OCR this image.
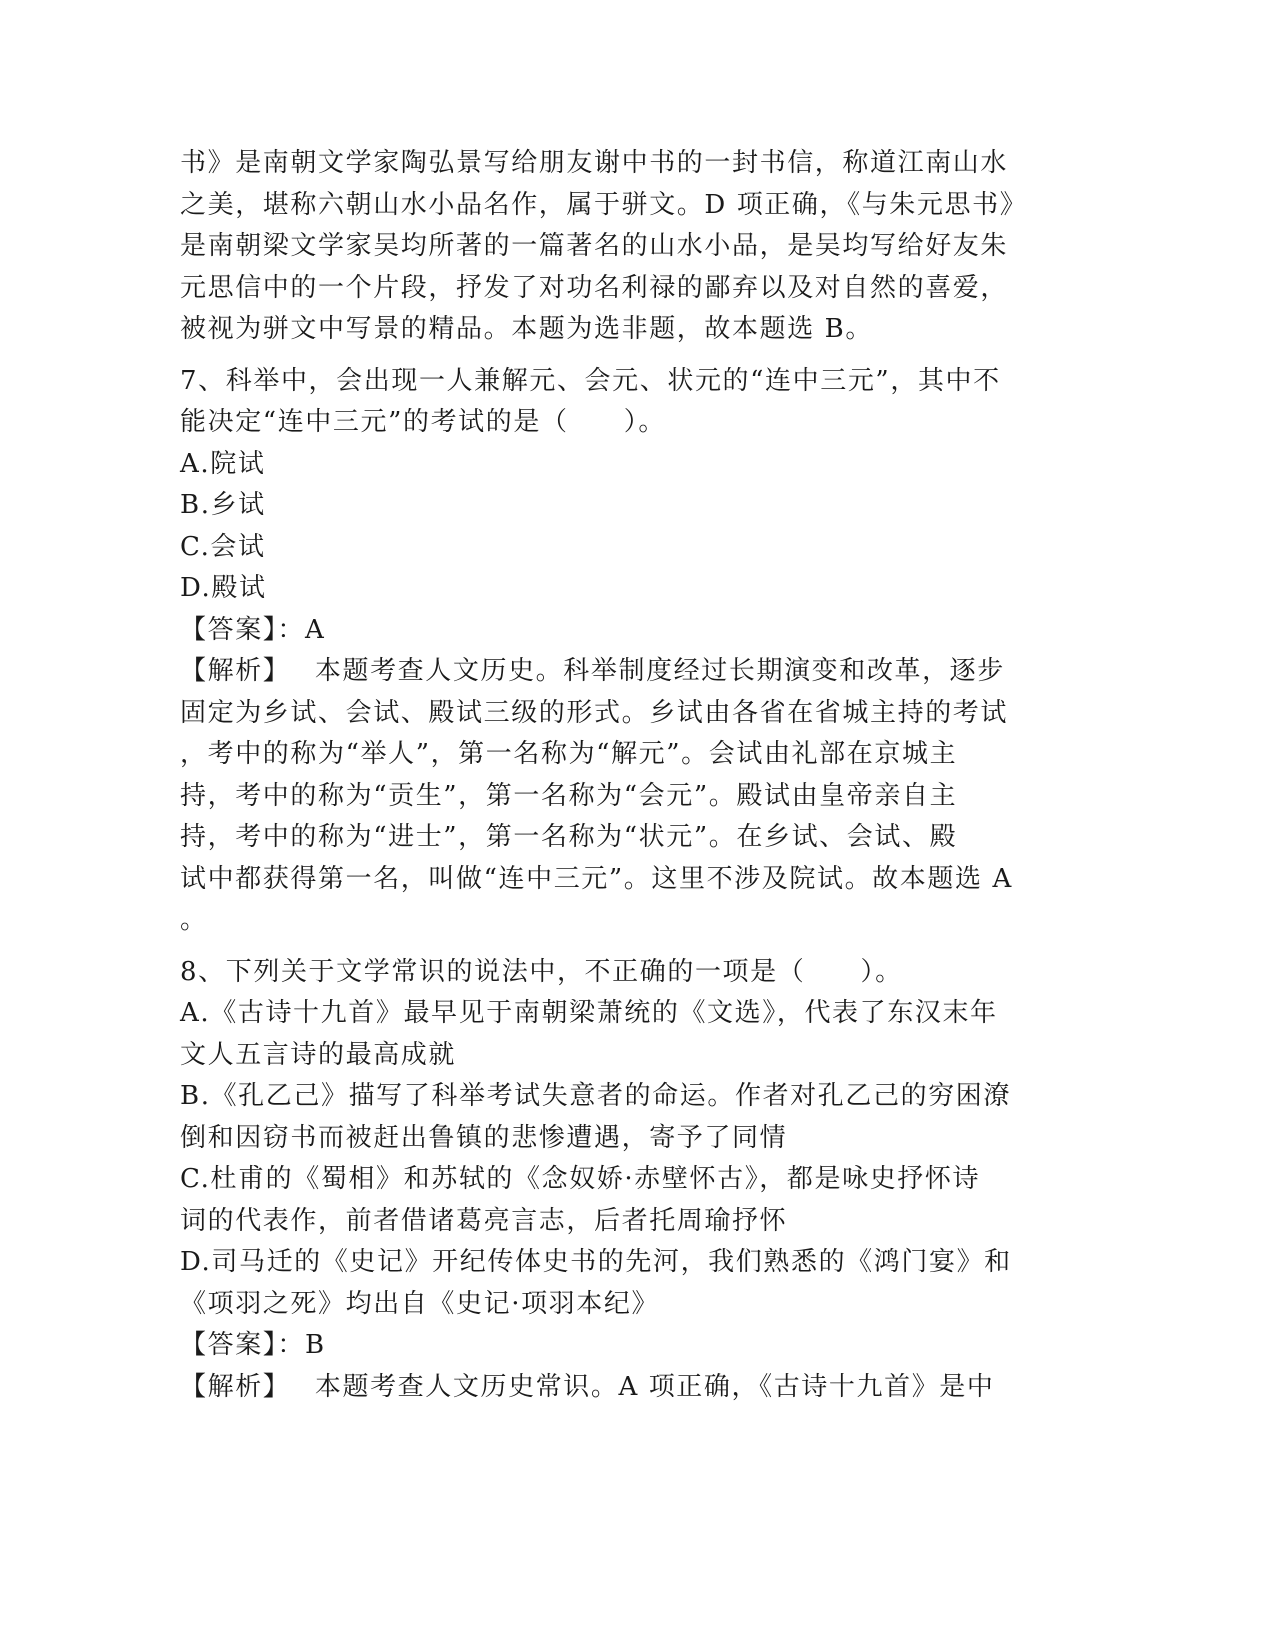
书》是南朝文学家陶弘景写给朋友谢中书的一封书信，称道江南山水
之美，堪称六朝山水小品名作，属于骈文。D 项正确，《与朱元思书》
是南朝梁文学家吴均所著的一篇著名的山水小品，是吴均写给好友朱
元思信中的一个片段，抒发了对功名利禄的鄙弃以及对自然的喜爱，
被视为骈文中写景的精品。本题为选非题，故本题选 B。
7、科举中，会出现一人兼解元、会元、状元的“连中三元”，其中不
能决定“连中三元”的考试的是（　　）。
A.院试
B.乡试
C.会试
D.殿试
【答案】：A
【解析】　 本题考查人文历史。科举制度经过长期演变和改革，逐步
固定为乡试、会试、殿试三级的形式。乡试由各省在省城主持的考试
，考中的称为“举人”，第一名称为“解元”。会试由礼部在京城主
持，考中的称为“贡生”，第一名称为“会元”。殿试由皇帝亲自主
持，考中的称为“进士”，第一名称为“状元”。在乡试、会试、殿
试中都获得第一名，叫做“连中三元”。这里不涉及院试。故本题选 A
。
8、下列关于文学常识的说法中，不正确的一项是（　　）。
A.《古诗十九首》最早见于南朝梁萧统的《文选》，代表了东汉末年
文人五言诗的最高成就
B.《孔乙己》描写了科举考试失意者的命运。作者对孔乙己的穷困潦
倒和因窃书而被赶出鲁镇的悲惨遭遇，寄予了同情
C.杜甫的《蜀相》和苏轼的《念奴娇·赤壁怀古》，都是咏史抒怀诗
词的代表作，前者借诸葛亮言志，后者托周瑜抒怀
D.司马迁的《史记》开纪传体史书的先河，我们熟悉的《鸿门宴》和
《项羽之死》均出自《史记·项羽本纪》
【答案】：B
【解析】　 本题考查人文历史常识。A 项正确，《古诗十九首》是中
